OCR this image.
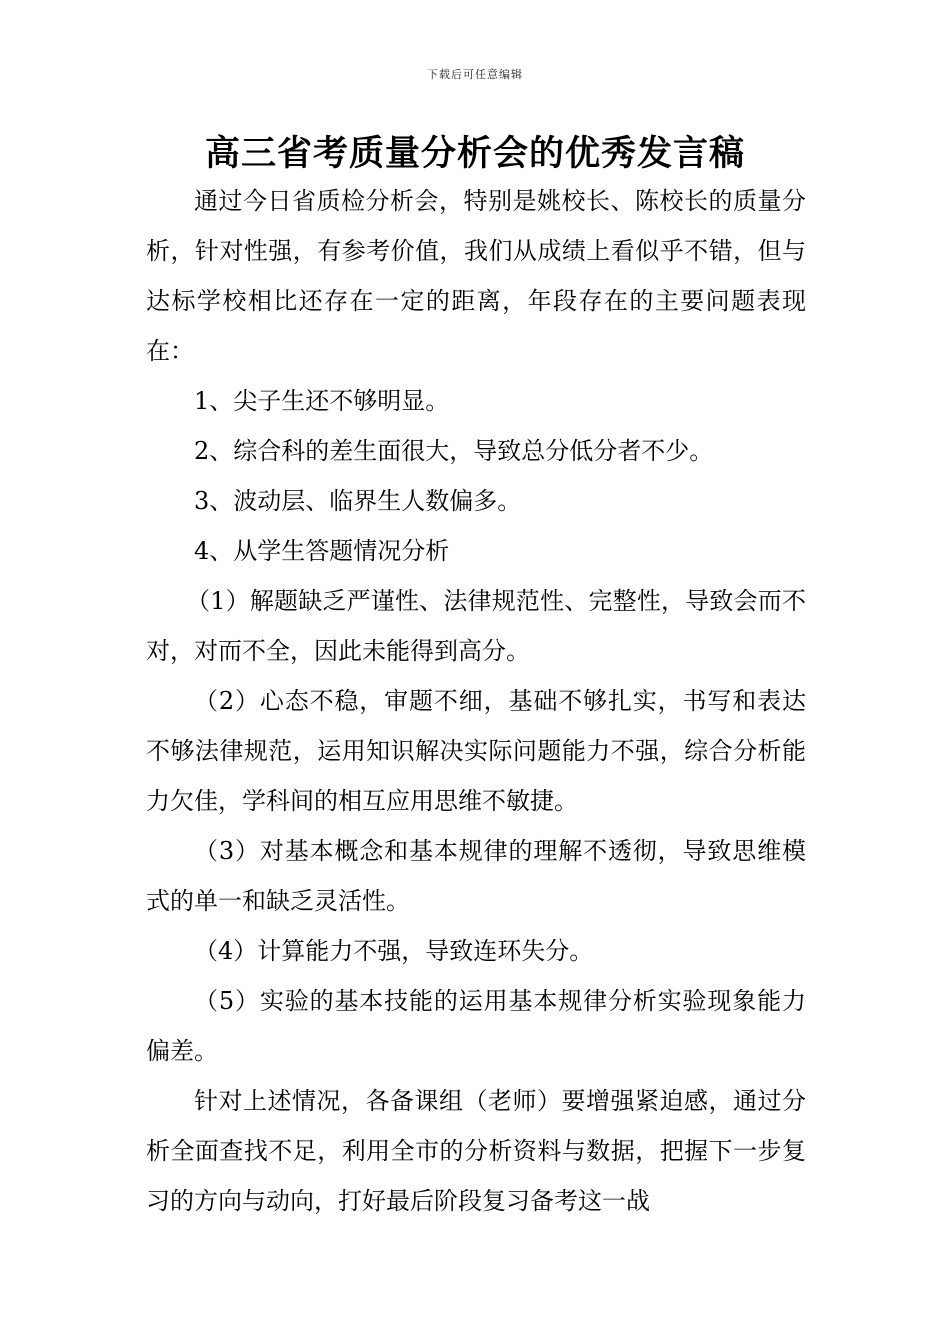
下载后可任意编辑
高三省考质量分析会的优秀发言稿

通过今日省质检分析会，特别是姚校长、陈校长的质量分析，针对性强，有参考价值，我们从成绩上看似乎不错，但与达标学校相比还存在一定的距离，年段存在的主要问题表现在：

1、尖子生还不够明显。

2、综合科的差生面很大，导致总分低分者不少。

3、波动层、临界生人数偏多。

4、从学生答题情况分析

（1）解题缺乏严谨性、法律规范性、完整性，导致会而不对，对而不全，因此未能得到高分。

（2）心态不稳，审题不细，基础不够扎实，书写和表达不够法律规范，运用知识解决实际问题能力不强，综合分析能力欠佳，学科间的相互应用思维不敏捷。

（3）对基本概念和基本规律的理解不透彻，导致思维模式的单一和缺乏灵活性。

（4）计算能力不强，导致连环失分。

（5）实验的基本技能的运用基本规律分析实验现象能力偏差。

针对上述情况，各备课组（老师）要增强紧迫感，通过分析全面查找不足，利用全市的分析资料与数据，把握下一步复习的方向与动向，打好最后阶段复习备考这一战
